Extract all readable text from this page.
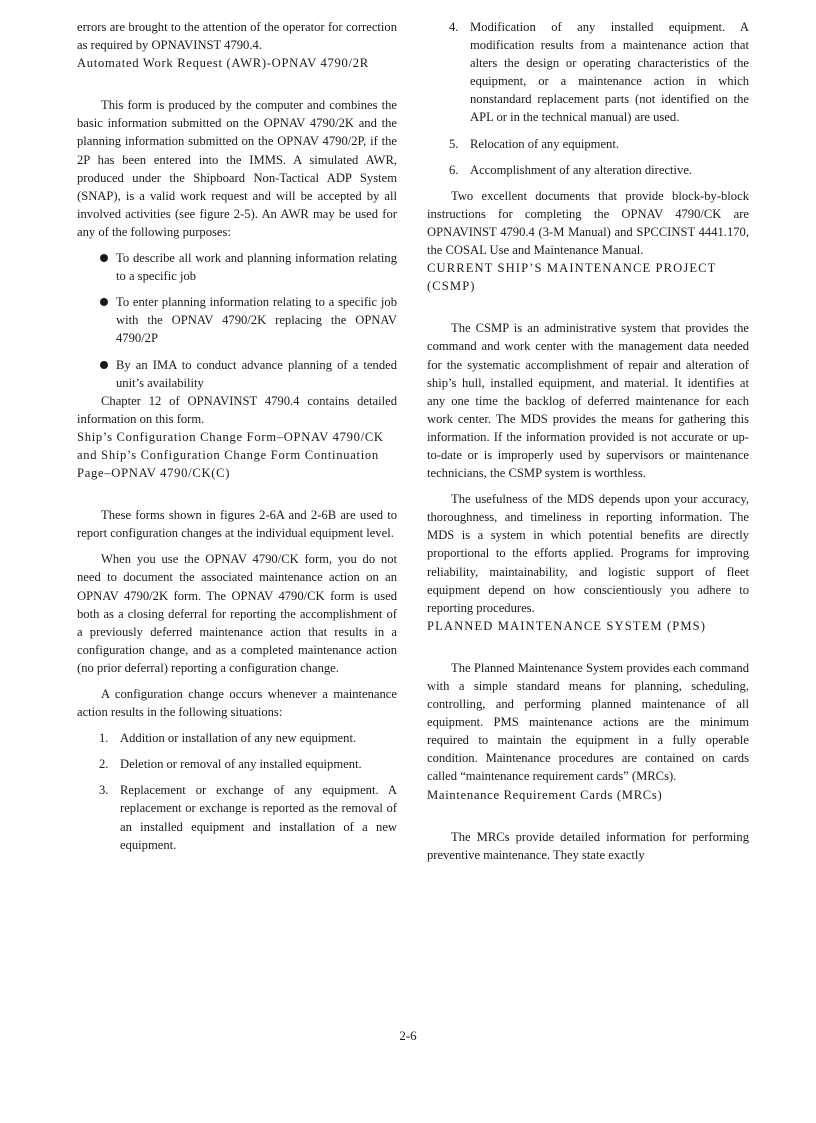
errors are brought to the attention of the operator for correction as required by OPNAVINST 4790.4.

Automated Work Request (AWR)-OPNAV 4790/2R

This form is produced by the computer and combines the basic information submitted on the OPNAV 4790/2K and the planning information submitted on the OPNAV 4790/2P, if the 2P has been entered into the IMMS. A simulated AWR, produced under the Shipboard Non-Tactical ADP System (SNAP), is a valid work request and will be accepted by all involved activities (see figure 2-5). An AWR may be used for any of the following purposes:

To describe all work and planning information relating to a specific job
To enter planning information relating to a specific job with the OPNAV 4790/2K replacing the OPNAV 4790/2P
By an IMA to conduct advance planning of a tended unit’s availability

Chapter 12 of OPNAVINST 4790.4 contains detailed information on this form.

Ship’s Configuration Change Form–OPNAV 4790/CK and Ship’s Configuration Change Form Continuation Page–OPNAV 4790/CK(C)

These forms shown in figures 2-6A and 2-6B are used to report configuration changes at the individual equipment level.

When you use the OPNAV 4790/CK form, you do not need to document the associated maintenance action on an OPNAV 4790/2K form. The OPNAV 4790/CK form is used both as a closing deferral for reporting the accomplishment of a previously deferred maintenance action that results in a configuration change, and as a completed maintenance action (no prior deferral) reporting a configuration change.

A configuration change occurs whenever a maintenance action results in the following situations:

1. Addition or installation of any new equipment.
2. Deletion or removal of any installed equipment.
3. Replacement or exchange of any equipment. A replacement or exchange is reported as the removal of an installed equipment and installation of a new equipment.
4. Modification of any installed equipment. A modification results from a maintenance action that alters the design or operating characteristics of the equipment, or a maintenance action in which nonstandard replacement parts (not identified on the APL or in the technical manual) are used.
5. Relocation of any equipment.
6. Accomplishment of any alteration directive.

Two excellent documents that provide block-by-block instructions for completing the OPNAV 4790/CK are OPNAVINST 4790.4 (3-M Manual) and SPCCINST 4441.170, the COSAL Use and Maintenance Manual.

CURRENT SHIP’S MAINTENANCE PROJECT (CSMP)

The CSMP is an administrative system that provides the command and work center with the management data needed for the systematic accomplishment of repair and alteration of ship’s hull, installed equipment, and material. It identifies at any one time the backlog of deferred maintenance for each work center. The MDS provides the means for gathering this information. If the information provided is not accurate or up-to-date or is improperly used by supervisors or maintenance technicians, the CSMP system is worthless.

The usefulness of the MDS depends upon your accuracy, thoroughness, and timeliness in reporting information. The MDS is a system in which potential benefits are directly proportional to the efforts applied. Programs for improving reliability, maintainability, and logistic support of fleet equipment depend on how conscientiously you adhere to reporting procedures.

PLANNED MAINTENANCE SYSTEM (PMS)

The Planned Maintenance System provides each command with a simple standard means for planning, scheduling, controlling, and performing planned maintenance of all equipment. PMS maintenance actions are the minimum required to maintain the equipment in a fully operable condition. Maintenance procedures are contained on cards called “maintenance requirement cards” (MRCs).

Maintenance Requirement Cards (MRCs)

The MRCs provide detailed information for performing preventive maintenance. They state exactly

2-6
